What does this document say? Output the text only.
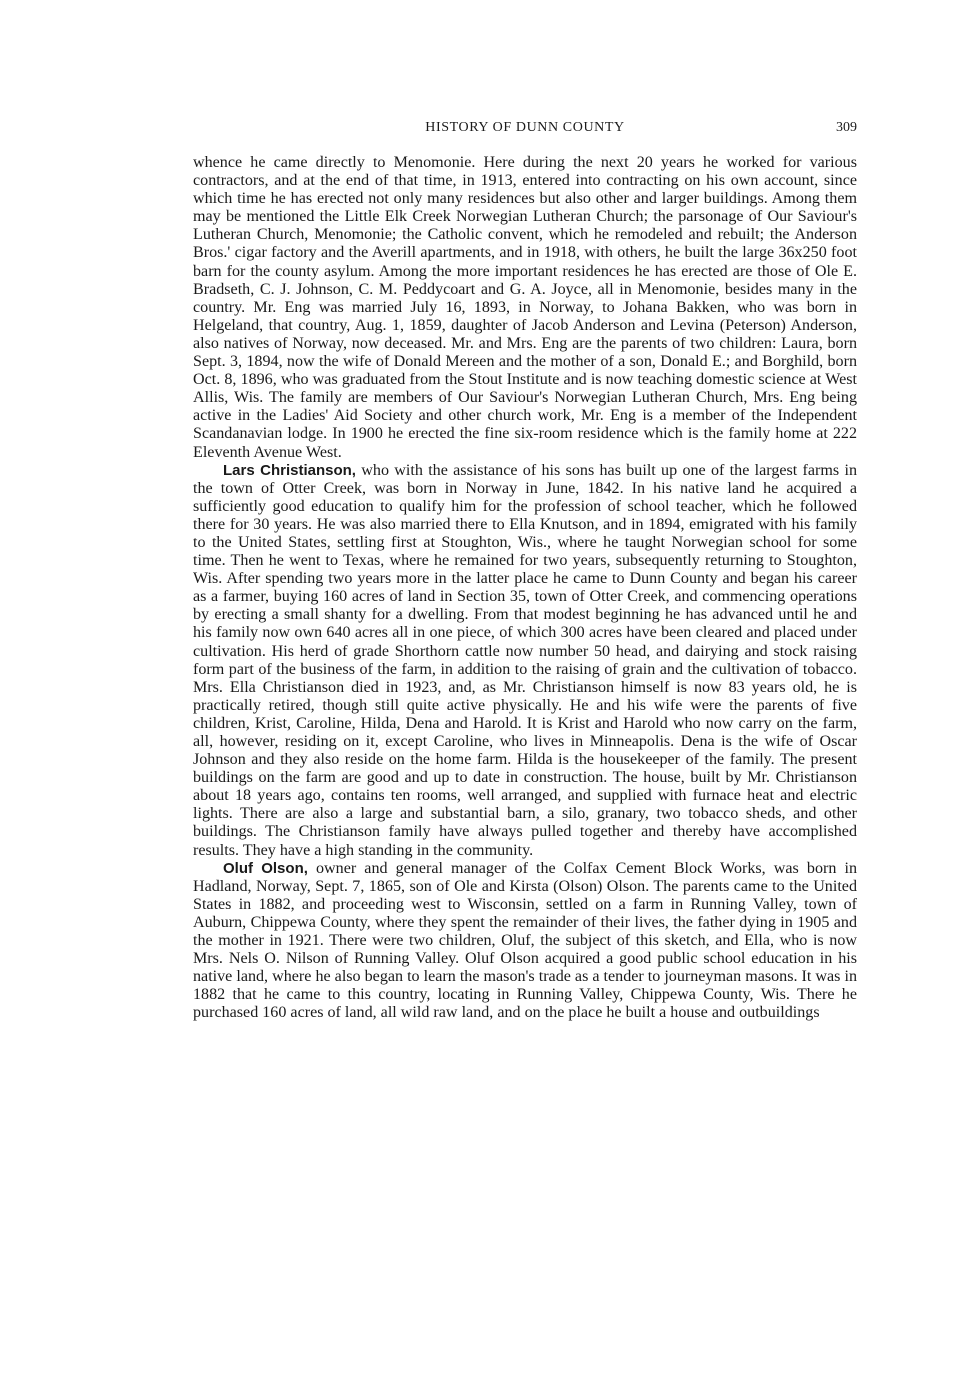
HISTORY OF DUNN COUNTY	309

whence he came directly to Menomonie. Here during the next 20 years he worked for various contractors, and at the end of that time, in 1913, entered into contracting on his own account, since which time he has erected not only many residences but also other and larger buildings. Among them may be mentioned the Little Elk Creek Norwegian Lutheran Church; the parsonage of Our Saviour's Lutheran Church, Menomonie; the Catholic convent, which he remodeled and rebuilt; the Anderson Bros.' cigar factory and the Averill apartments, and in 1918, with others, he built the large 36x250 foot barn for the county asylum. Among the more important residences he has erected are those of Ole E. Bradseth, C. J. Johnson, C. M. Peddycoart and G. A. Joyce, all in Menomonie, besides many in the country. Mr. Eng was married July 16, 1893, in Norway, to Johana Bakken, who was born in Helgeland, that country, Aug. 1, 1859, daughter of Jacob Anderson and Levina (Peterson) Anderson, also natives of Norway, now deceased. Mr. and Mrs. Eng are the parents of two children: Laura, born Sept. 3, 1894, now the wife of Donald Mereen and the mother of a son, Donald E.; and Borghild, born Oct. 8, 1896, who was graduated from the Stout Institute and is now teaching domestic science at West Allis, Wis. The family are members of Our Saviour's Norwegian Lutheran Church, Mrs. Eng being active in the Ladies' Aid Society and other church work, Mr. Eng is a member of the Independent Scandanavian lodge. In 1900 he erected the fine six-room residence which is the family home at 222 Eleventh Avenue West.

Lars Christianson, who with the assistance of his sons has built up one of the largest farms in the town of Otter Creek, was born in Norway in June, 1842. In his native land he acquired a sufficiently good education to qualify him for the profession of school teacher, which he followed there for 30 years. He was also married there to Ella Knutson, and in 1894, emigrated with his family to the United States, settling first at Stoughton, Wis., where he taught Norwegian school for some time. Then he went to Texas, where he remained for two years, subsequently returning to Stoughton, Wis. After spending two years more in the latter place he came to Dunn County and began his career as a farmer, buying 160 acres of land in Section 35, town of Otter Creek, and commencing operations by erecting a small shanty for a dwelling. From that modest beginning he has advanced until he and his family now own 640 acres all in one piece, of which 300 acres have been cleared and placed under cultivation. His herd of grade Shorthorn cattle now number 50 head, and dairying and stock raising form part of the business of the farm, in addition to the raising of grain and the cultivation of tobacco. Mrs. Ella Christianson died in 1923, and, as Mr. Christianson himself is now 83 years old, he is practically retired, though still quite active physically. He and his wife were the parents of five children, Krist, Caroline, Hilda, Dena and Harold. It is Krist and Harold who now carry on the farm, all, however, residing on it, except Caroline, who lives in Minneapolis. Dena is the wife of Oscar Johnson and they also reside on the home farm. Hilda is the housekeeper of the family. The present buildings on the farm are good and up to date in construction. The house, built by Mr. Christianson about 18 years ago, contains ten rooms, well arranged, and supplied with furnace heat and electric lights. There are also a large and substantial barn, a silo, granary, two tobacco sheds, and other buildings. The Christianson family have always pulled together and thereby have accomplished results. They have a high standing in the community.

Oluf Olson, owner and general manager of the Colfax Cement Block Works, was born in Hadland, Norway, Sept. 7, 1865, son of Ole and Kirsta (Olson) Olson. The parents came to the United States in 1882, and proceeding west to Wisconsin, settled on a farm in Running Valley, town of Auburn, Chippewa County, where they spent the remainder of their lives, the father dying in 1905 and the mother in 1921. There were two children, Oluf, the subject of this sketch, and Ella, who is now Mrs. Nels O. Nilson of Running Valley. Oluf Olson acquired a good public school education in his native land, where he also began to learn the mason's trade as a tender to journeyman masons. It was in 1882 that he came to this country, locating in Running Valley, Chippewa County, Wis. There he purchased 160 acres of land, all wild raw land, and on the place he built a house and outbuildings
